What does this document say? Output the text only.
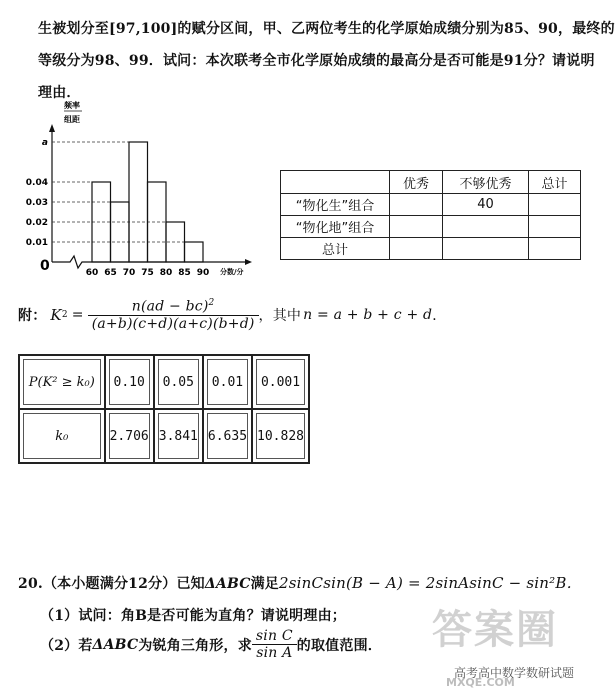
生被划分至[97,100]的赋分区间，甲、乙两位考生的化学原始成绩分别为85、90，最终的
等级分为98、99．试问：本次联考全市化学原始成绩的最高分是否可能是91分？请说明
理由．
频率
组距
0
0.01
0.02
0.03
0.04
a
60 65 70 75 80 85 90 分数/分
	优秀	不够优秀	总计
“物化生”组合		40	
“物化地”组合			
总计			
附： K $2 = \frac{n(ad - bc)^2}{(a+b)(c+d)(a+c)(b+d)}$ ，其中 n = a + b + c + d ．
P(K² ≥ k₀)	0.10	0.05	0.01	0.001

k₀	2.706	3.841	6.635	10.828
答案圈
MXQE.COM
20.（本小题满分12分）已知ΔABC满足2sinCsin(B − A) = 2sinAsinC − sin²B．
（1）试问：角B是否可能为直角？请说明理由；
（2）若 ΔABC 为锐角三角形，求 $\frac{\text{sin C}}{\text{sin A}}$ 的取值范围．
高考高中数学数研试题
